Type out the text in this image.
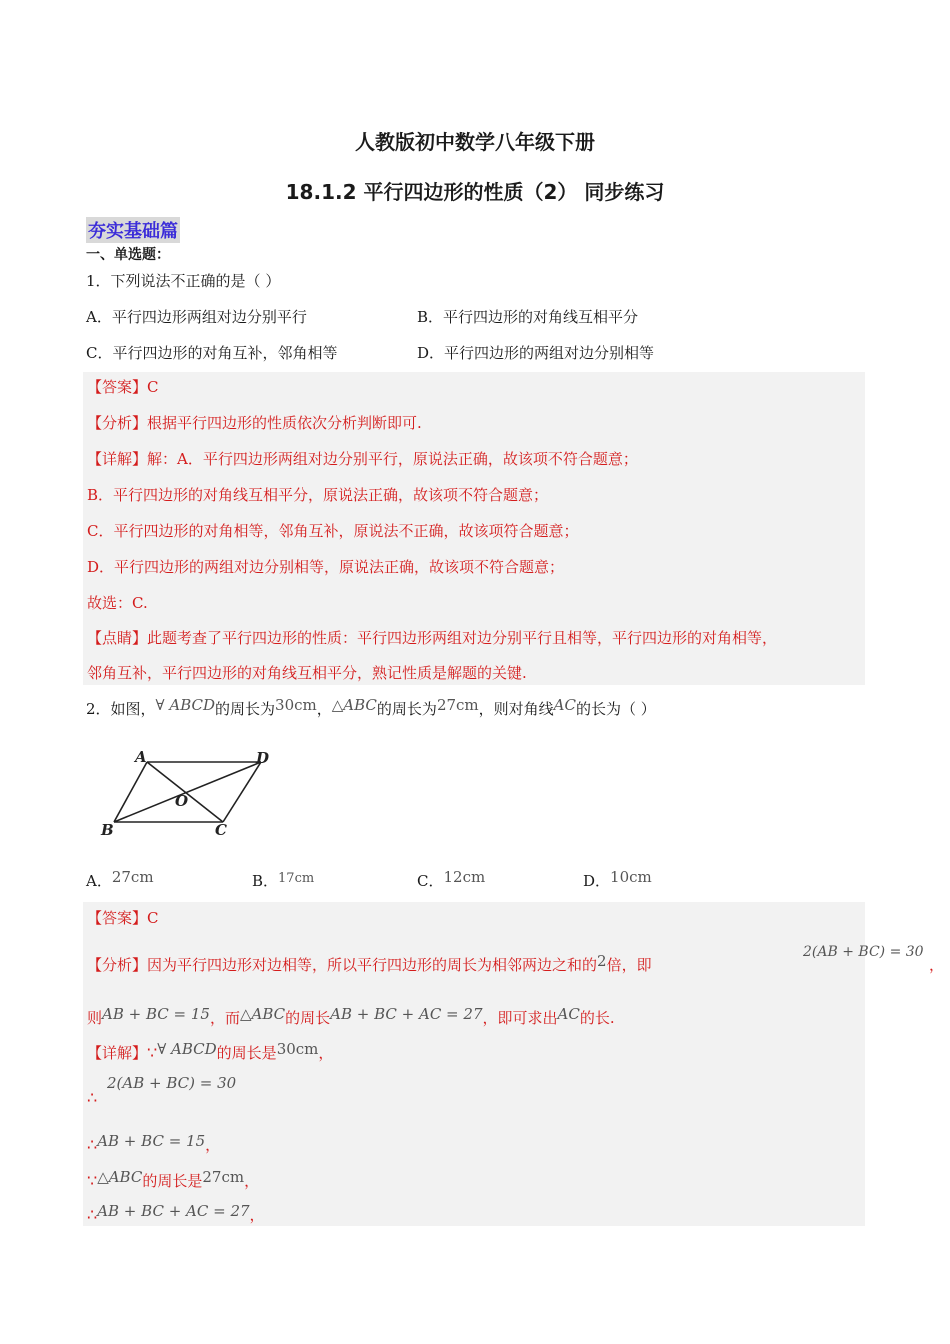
人教版初中数学八年级下册
18.1.2 平行四边形的性质（2） 同步练习
夯实基础篇
一、单选题：
1．下列说法不正确的是（ ）
A．平行四边形两组对边分别平行	B．平行四边形的对角线互相平分
C．平行四边形的对角互补，邻角相等	D．平行四边形的两组对边分别相等
【答案】C
【分析】根据平行四边形的性质依次分析判断即可.
【详解】解：A．平行四边形两组对边分别平行，原说法正确，故该项不符合题意；
B．平行四边形的对角线互相平分，原说法正确，故该项不符合题意；
C．平行四边形的对角相等，邻角互补，原说法不正确，故该项符合题意；
D．平行四边形的两组对边分别相等，原说法正确，故该项不符合题意；
故选：C.
【点睛】此题考查了平行四边形的性质：平行四边形两组对边分别平行且相等，平行四边形的对角相等，
邻角互补，平行四边形的对角线互相平分，熟记性质是解题的关键.
2．如图，∀ ABCD的周长为30cm，△ABC的周长为27cm，则对角线AC的长为（ ）
A	D
O
B	C
A．27cm	B．17cm	C．12cm	D．10cm
【答案】C
【分析】因为平行四边形对边相等，所以平行四边形的周长为相邻两边之和的2倍，即
2(AB + BC) = 30
，
则AB + BC = 15，而△ABC的周长AB + BC + AC = 27，即可求出AC的长.
【详解】∵∀ ABCD的周长是30cm，
2(AB + BC) = 30
∴
∴AB + BC = 15，
∵△ABC的周长是27cm，
∴AB + BC + AC = 27，
